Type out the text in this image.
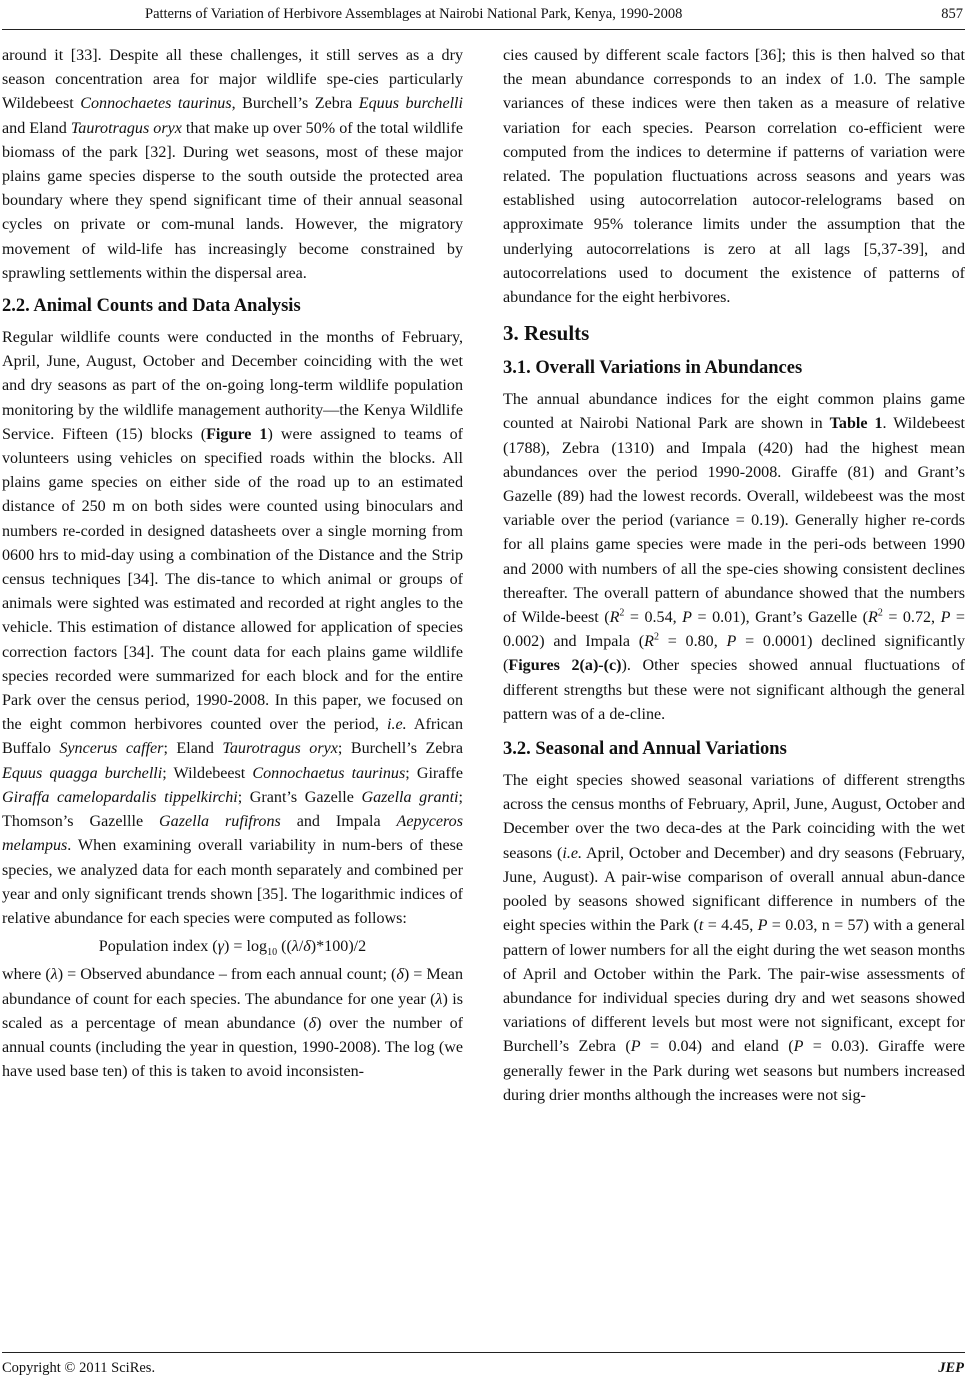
Patterns of Variation of Herbivore Assemblages at Nairobi National Park, Kenya, 1990-2008	857

around it [33]. Despite all these challenges, it still serves as a dry season concentration area for major wildlife spe-cies particularly Wildebeest Connochaetes taurinus, Burchell’s Zebra Equus burchelli and Eland Taurotragus oryx that make up over 50% of the total wildlife biomass of the park [32]. During wet seasons, most of these major plains game species disperse to the south outside the protected area boundary where they spend significant time of their annual seasonal cycles on private or com-munal lands. However, the migratory movement of wild-life has increasingly become constrained by sprawling settlements within the dispersal area.

2.2. Animal Counts and Data Analysis

Regular wildlife counts were conducted in the months of February, April, June, August, October and December coinciding with the wet and dry seasons as part of the on-going long-term wildlife population monitoring by the wildlife management authority—the Kenya Wildlife Service. Fifteen (15) blocks (Figure 1) were assigned to teams of volunteers using vehicles on specified roads within the blocks. All plains game species on either side of the road up to an estimated distance of 250 m on both sides were counted using binoculars and numbers re-corded in designed datasheets over a single morning from 0600 hrs to mid-day using a combination of the Distance and the Strip census techniques [34]. The dis-tance to which animal or groups of animals were sighted was estimated and recorded at right angles to the vehicle. This estimation of distance allowed for application of species correction factors [34]. The count data for each plains game wildlife species recorded were summarized for each block and for the entire Park over the census period, 1990-2008. In this paper, we focused on the eight common herbivores counted over the period, i.e. African Buffalo Syncerus caffer; Eland Taurotragus oryx; Burchell’s Zebra Equus quagga burchelli; Wildebeest Connochaetus taurinus; Giraffe Giraffa camelopardalis tippelkirchi; Grant’s Gazelle Gazella granti; Thomson’s Gazellle Gazella rufifrons and Impala Aepyceros melampus. When examining overall variability in num-bers of these species, we analyzed data for each month separately and combined per year and only significant trends shown [35]. The logarithmic indices of relative abundance for each species were computed as follows:

Population index $(\gamma) = \log_{10} ((\lambda/\delta)*100)/2$

where (λ) = Observed abundance – from each annual count; (δ) = Mean abundance of count for each species. The abundance for one year (λ) is scaled as a percentage of mean abundance (δ) over the number of annual counts (including the year in question, 1990-2008). The log (we have used base ten) of this is taken to avoid inconsisten-

cies caused by different scale factors [36]; this is then halved so that the mean abundance corresponds to an index of 1.0. The sample variances of these indices were then taken as a measure of relative variation for each species. Pearson correlation co-efficient were computed from the indices to determine if patterns of variation were related. The population fluctuations across seasons and years was established using autocorrelation autocor-relelograms based on approximate 95% tolerance limits under the assumption that the underlying autocorrelations is zero at all lags [5,37-39], and autocorrelations used to document the existence of patterns of abundance for the eight herbivores.

3. Results
3.1. Overall Variations in Abundances

The annual abundance indices for the eight common plains game counted at Nairobi National Park are shown in Table 1. Wildebeest (1788), Zebra (1310) and Impala (420) had the highest mean abundances over the period 1990-2008. Giraffe (81) and Grant’s Gazelle (89) had the lowest records. Overall, wildebeest was the most variable over the period (variance = 0.19). Generally higher re-cords for all plains game species were made in the peri-ods between 1990 and 2000 with numbers of all the spe-cies showing consistent declines thereafter. The overall pattern of abundance showed that the numbers of Wilde-beest ($R^2 = 0.54$, P = 0.01), Grant’s Gazelle ($R^2 = 0.72$, P = 0.002) and Impala ($R^2 = 0.80$, P = 0.0001) declined significantly (Figures 2(a)-(c)). Other species showed annual fluctuations of different strengths but these were not significant although the general pattern was of a de-cline.

3.2. Seasonal and Annual Variations

The eight species showed seasonal variations of different strengths across the census months of February, April, June, August, October and December over the two deca-des at the Park coinciding with the wet seasons (i.e. April, October and December) and dry seasons (February, June, August). A pair-wise comparison of overall annual abun-dance pooled by seasons showed significant difference in numbers of the eight species within the Park (t = 4.45, P = 0.03, n = 57) with a general pattern of lower numbers for all the eight during the wet season months of April and October within the Park. The pair-wise assessments of abundance for individual species during dry and wet seasons showed variations of different levels but most were not significant, except for Burchell’s Zebra (P = 0.04) and eland (P = 0.03). Giraffe were generally fewer in the Park during wet seasons but numbers increased during drier months although the increases were not sig-

Copyright © 2011 SciRes.	JEP
